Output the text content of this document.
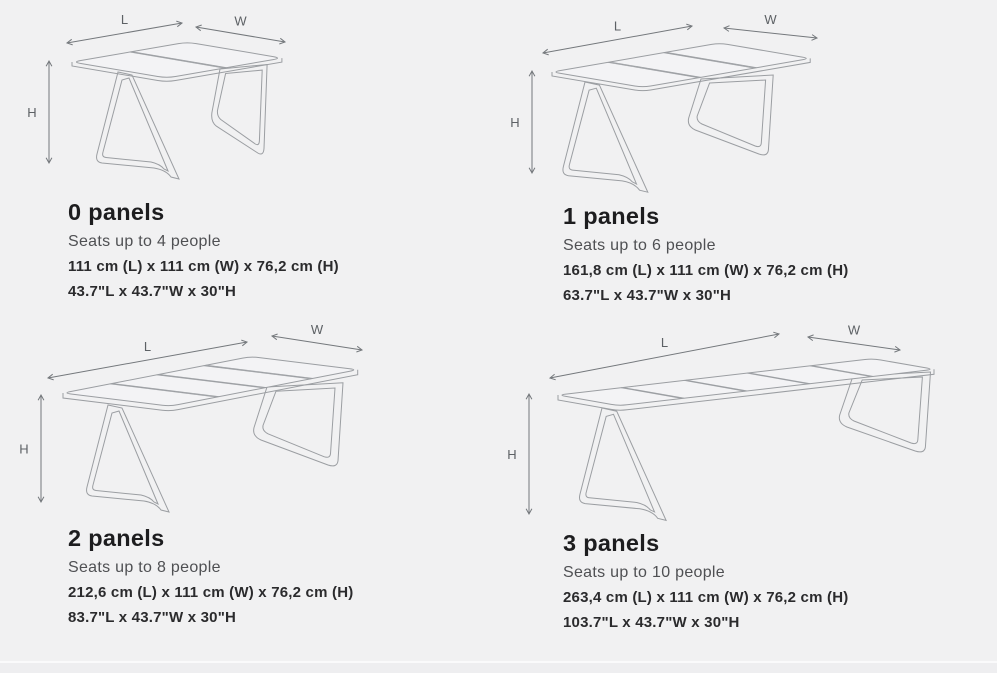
L	W
H
0 panels

Seats up to 4 people

111 cm (L) x 111 cm (W) x 76,2 cm (H)

43.7"L x 43.7"W x 30"H

L	W
H
1 panels

Seats up to 6 people

161,8 cm (L) x 111 cm (W) x 76,2 cm (H)

63.7"L x 43.7"W x 30"H

L
W
H
2 panels

Seats up to 8 people

212,6 cm (L) x 111 cm (W) x 76,2 cm (H)

83.7"L x 43.7"W x 30"H

L
W
H
3 panels

Seats up to 10 people

263,4 cm (L) x 111 cm (W) x 76,2 cm (H)

103.7"L x 43.7"W x 30"H
